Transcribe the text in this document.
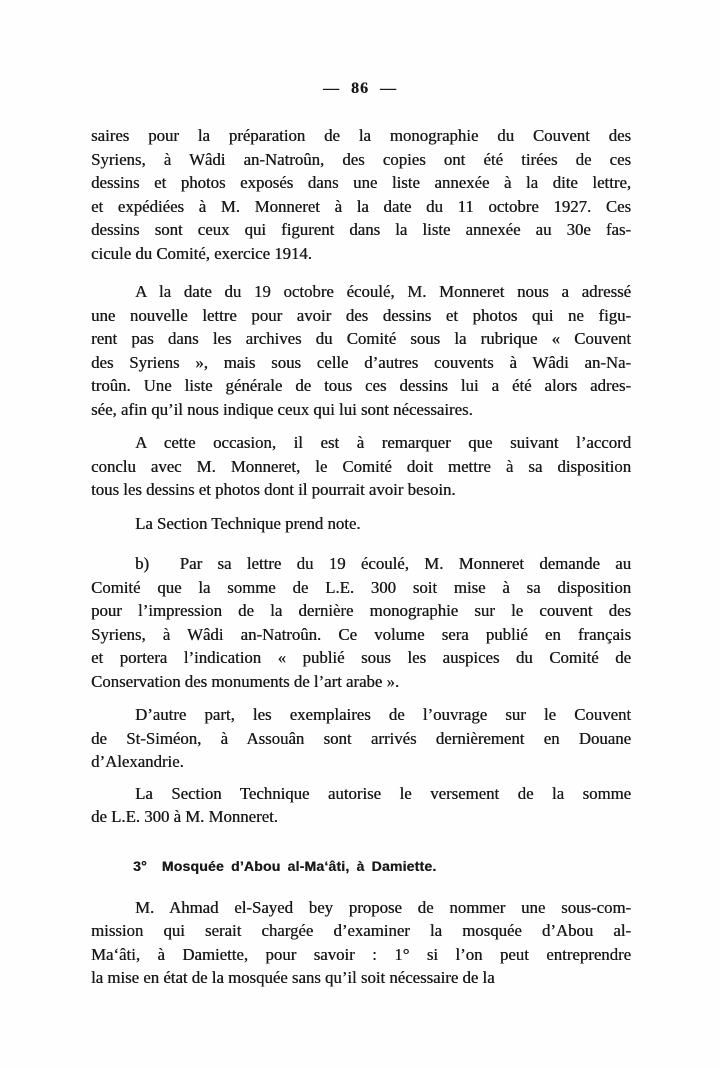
— 86 —
saires pour la préparation de la monographie du Couvent des
Syriens, à Wâdi an-Natroûn, des copies ont été tirées de ces
dessins et photos exposés dans une liste annexée à la dite lettre,
et expédiées à M. Monneret à la date du 11 octobre 1927. Ces
dessins sont ceux qui figurent dans la liste annexée au 30e fas-
cicule du Comité, exercice 1914.
A la date du 19 octobre écoulé, M. Monneret nous a adressé
une nouvelle lettre pour avoir des dessins et photos qui ne figu-
rent pas dans les archives du Comité sous la rubrique « Couvent
des Syriens », mais sous celle d’autres couvents à Wâdi an-Na-
troûn. Une liste générale de tous ces dessins lui a été alors adres-
sée, afin qu’il nous indique ceux qui lui sont nécessaires.
A cette occasion, il est à remarquer que suivant l’accord
conclu avec M. Monneret, le Comité doit mettre à sa disposition
tous les dessins et photos dont il pourrait avoir besoin.
La Section Technique prend note.
b)  Par sa lettre du 19 écoulé, M. Monneret demande au
Comité que la somme de L.E. 300 soit mise à sa disposition
pour l’impression de la dernière monographie sur le couvent des
Syriens, à Wâdi an-Natroûn. Ce volume sera publié en français
et portera l’indication « publié sous les auspices du Comité de
Conservation des monuments de l’art arabe ».
D’autre part, les exemplaires de l’ouvrage sur le Couvent
de St-Siméon, à Assouân sont arrivés dernièrement en Douane
d’Alexandrie.
La Section Technique autorise le versement de la somme
de L.E. 300 à M. Monneret.
3° Mosquée d’Abou al-Ma‘âti, à Damiette.
M. Ahmad el-Sayed bey propose de nommer une sous-com-
mission qui serait chargée d’examiner la mosquée d’Abou al-
Ma‘âti, à Damiette, pour savoir : 1° si l’on peut entreprendre
la mise en état de la mosquée sans qu’il soit nécessaire de la
